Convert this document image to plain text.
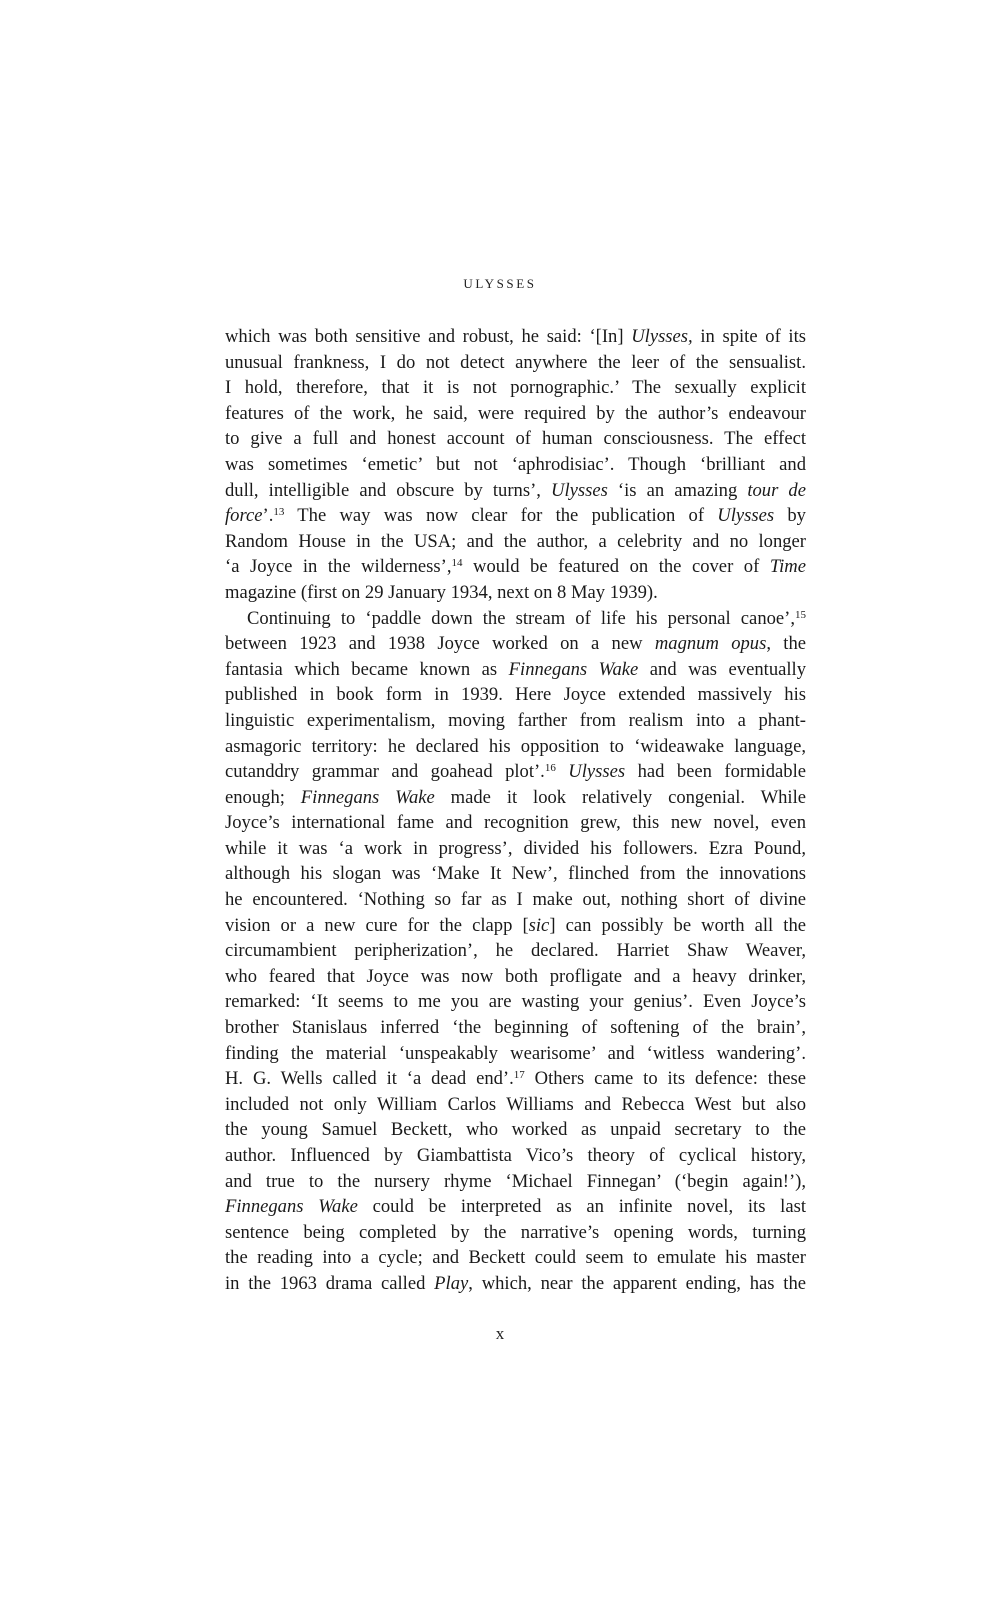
ULYSSES
which was both sensitive and robust, he said: ‘[In] Ulysses, in spite of its
unusual frankness, I do not detect anywhere the leer of the sensualist.
I hold, therefore, that it is not pornographic.’ The sexually explicit
features of the work, he said, were required by the author’s endeavour
to give a full and honest account of human consciousness. The effect
was sometimes ‘emetic’ but not ‘aphrodisiac’. Though ‘brilliant and
dull, intelligible and obscure by turns’, Ulysses ‘is an amazing tour de
force’.$^{13}$ The way was now clear for the publication of Ulysses by
Random House in the USA; and the author, a celebrity and no longer
‘a Joyce in the wilderness’,$^{14}$ would be featured on the cover of Time
magazine (first on 29 January 1934, next on 8 May 1939).
Continuing to ‘paddle down the stream of life his personal canoe’,$^{15}$
between 1923 and 1938 Joyce worked on a new magnum opus, the
fantasia which became known as Finnegans Wake and was eventually
published in book form in 1939. Here Joyce extended massively his
linguistic experimentalism, moving farther from realism into a phant-
asmagoric territory: he declared his opposition to ‘wideawake language,
cutanddry grammar and goahead plot’.$^{16}$ Ulysses had been formidable
enough; Finnegans Wake made it look relatively congenial. While
Joyce’s international fame and recognition grew, this new novel, even
while it was ‘a work in progress’, divided his followers. Ezra Pound,
although his slogan was ‘Make It New’, flinched from the innovations
he encountered. ‘Nothing so far as I make out, nothing short of divine
vision or a new cure for the clapp [sic] can possibly be worth all the
circumambient peripherization’, he declared. Harriet Shaw Weaver,
who feared that Joyce was now both profligate and a heavy drinker,
remarked: ‘It seems to me you are wasting your genius’. Even Joyce’s
brother Stanislaus inferred ‘the beginning of softening of the brain’,
finding the material ‘unspeakably wearisome’ and ‘witless wandering’.
H. G. Wells called it ‘a dead end’.$^{17}$ Others came to its defence: these
included not only William Carlos Williams and Rebecca West but also
the young Samuel Beckett, who worked as unpaid secretary to the
author. Influenced by Giambattista Vico’s theory of cyclical history,
and true to the nursery rhyme ‘Michael Finnegan’ (‘begin again!’),
Finnegans Wake could be interpreted as an infinite novel, its last
sentence being completed by the narrative’s opening words, turning
the reading into a cycle; and Beckett could seem to emulate his master
in the 1963 drama called Play, which, near the apparent ending, has the
x
